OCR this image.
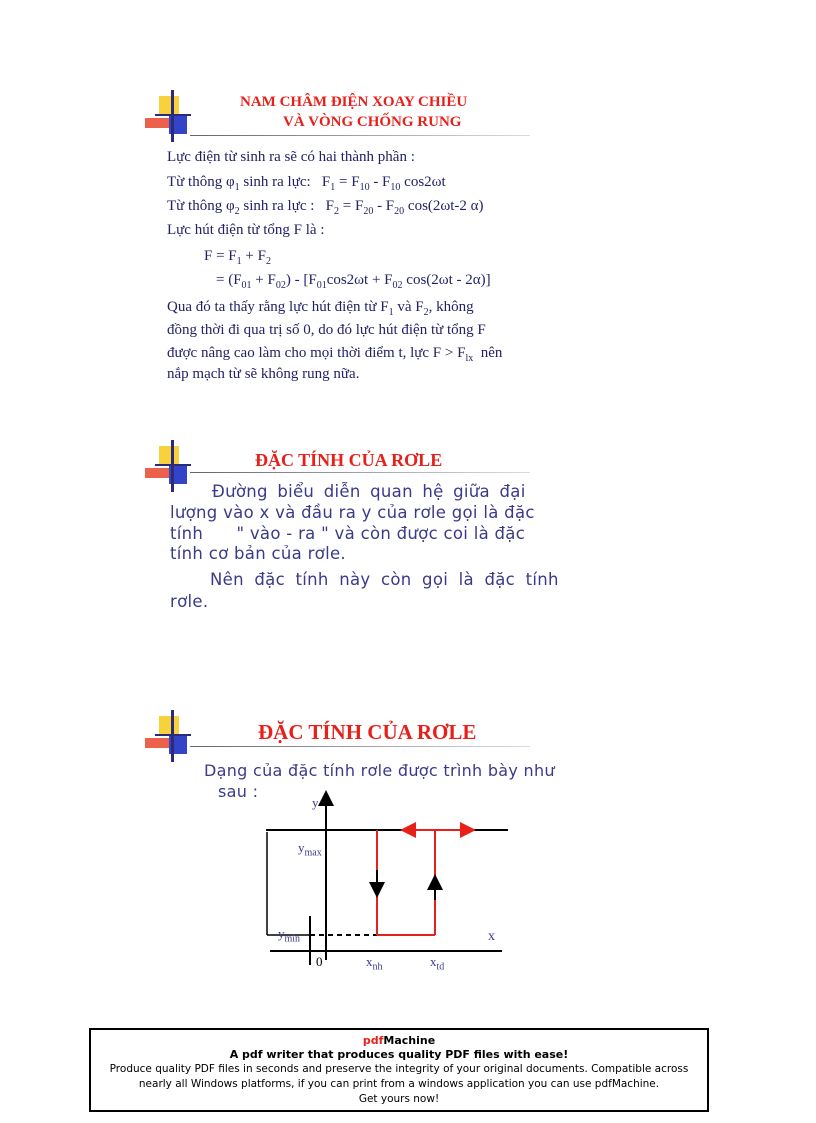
NAM CHÂM ĐIỆN XOAY CHIỀU
VÀ VÒNG CHỐNG RUNG
Lực điện từ sinh ra sẽ có hai thành phần :
Từ thông $\varphi_1$ sinh ra lực:   $F_1 = F_{10} - F_{10}$ cos2ωt
Từ thông $\varphi_2$ sinh ra lực :   $F_2 = F_{20} - F_{20}$ cos(2ωt-2 α)
Lực hút điện từ tổng F là :
$F = F_1 + F_2$
= $(F_{01} + F_{02}) - [F_{01}\cos 2\omega t + F_{02}$ cos(2ωt - 2α)]
Qua đó ta thấy rằng lực hút điện từ $F_1$ và $F_2$, không
đồng thời đi qua trị số 0, do đó lực hút điện từ tổng F
được nâng cao làm cho mọi thời điểm t, lực $F > F_{lx}$  nên
nắp mạch từ sẽ không rung nữa.
ĐẶC TÍNH CỦA RƠLE
Đường biểu diễn quan hệ giữa đại
lượng vào x và đầu ra y của rơle gọi là đặc
tính      " vào - ra " và còn được coi là đặc
tính cơ bản của rơle.
Nên đặc tính này còn gọi là đặc tính
rơle.
ĐẶC TÍNH CỦA RƠLE
Dạng của đặc tính rơle được trình bày như
sau :
y
$y_{max}$
$y_{min}$	x
0	$x_{nh}$	$x_{td}$
pdfMachine
A pdf writer that produces quality PDF files with ease!
Produce quality PDF files in seconds and preserve the integrity of your original documents. Compatible across
nearly all Windows platforms, if you can print from a windows application you can use pdfMachine.
Get yours now!
